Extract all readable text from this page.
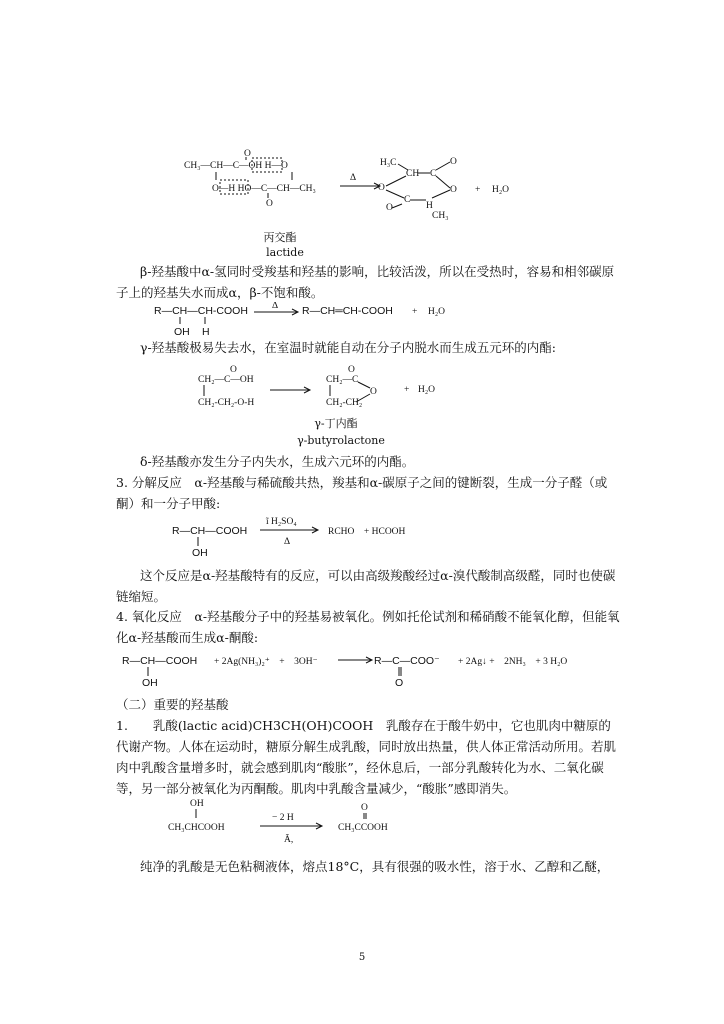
CH₃—CH—C—OH H—O
O
O—H HO—C—CH—CH₃
O
Δ
H₃C
CH C
O
O	O
C
O	H
CH₃
+ H₂O
丙交酯
lactide
β-羟基酸中α-氢同时受羧基和羟基的影响，比较活泼，所以在受热时，容易和相邻碳原子上的羟基失水而成α，β-不饱和酸。
R—CH—CH-COOH
OH H
Δ R—CH═CH-COOH + H₂O
γ-羟基酸极易失去水，在室温时就能自动在分子内脱水而生成五元环的内酯:
O
CH₂—C—OH
CH₂-CH₂-O-H
O
CH₂—C
O
CH₂-CH₂
+ H₂O
γ-丁内酯
γ-butyrolactone
δ-羟基酸亦发生分子内失水，生成六元环的内酯。
3. 分解反应　α-羟基酸与稀硫酸共热，羧基和α-碳原子之间的键断裂，生成一分子醛（或酮）和一分子甲酸:
R—CH—COOH
OH
ĩ H₂SO₄
Δ
RCHO　+ HCOOH
这个反应是α-羟基酸特有的反应，可以由高级羧酸经过α-溴代酸制高级醛，同时也使碳链缩短。
4. 氧化反应　α-羟基酸分子中的羟基易被氧化。例如托伦试剂和稀硝酸不能氧化醇，但能氧化α-羟基酸而生成α-酮酸:
R—CH—COOH
OH
+ 2Ag(NH₃)₂⁺　+　3OH⁻	R—C—COO⁻
O
+ 2Ag↓ +　2NH₃　+ 3 H₂O
（二）重要的羟基酸
1.　　乳酸(lactic acid)CH3CH(OH)COOH　乳酸存在于酸牛奶中，它也肌肉中糖原的代谢产物。人体在运动时，糖原分解生成乳酸，同时放出热量，供人体正常活动所用。若肌肉中乳酸含量增多时，就会感到肌肉“酸胀”，经休息后，一部分乳酸转化为水、二氧化碳等，另一部分被氧化为丙酮酸。肌肉中乳酸含量减少，“酸胀”感即消失。
OH
CH₃CHCOOH
− 2 H
Ã,
O
CH₃CCOOH
纯净的乳酸是无色粘稠液体，熔点18°C，具有很强的吸水性，溶于水、乙醇和乙醚，
5
